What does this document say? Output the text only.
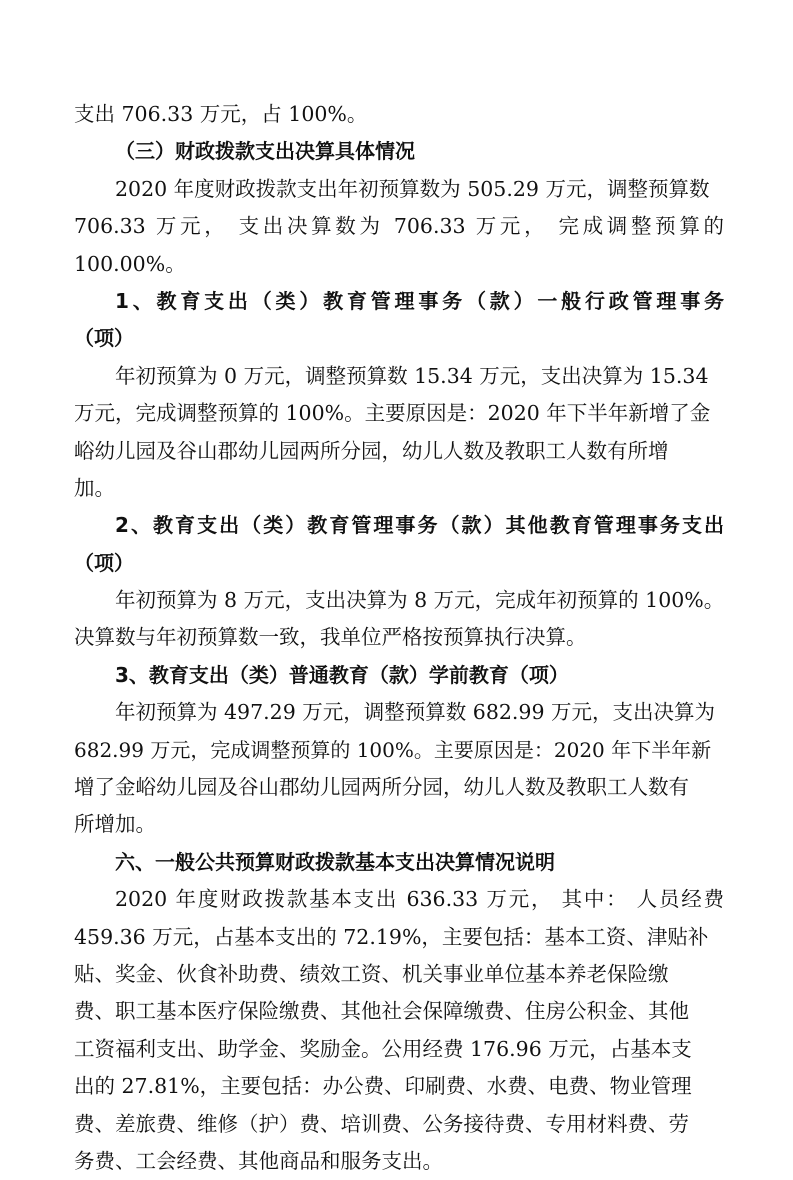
支出 706.33 万元，占 100%。
（三）财政拨款支出决算具体情况
2020 年度财政拨款支出年初预算数为 505.29 万元，调整预算数
706.33 万元， 支出决算数为 706.33 万元， 完成调整预算的
100.00%。
1、教育支出（类）教育管理事务（款）一般行政管理事务
（项）
年初预算为 0 万元，调整预算数 15.34 万元，支出决算为 15.34
万元，完成调整预算的 100%。主要原因是：2020 年下半年新增了金
峪幼儿园及谷山郡幼儿园两所分园，幼儿人数及教职工人数有所增
加。
2、教育支出（类）教育管理事务（款）其他教育管理事务支出
（项）
年初预算为 8 万元，支出决算为 8 万元，完成年初预算的 100%。
决算数与年初预算数一致，我单位严格按预算执行决算。
3、教育支出（类）普通教育（款）学前教育（项）
年初预算为 497.29 万元，调整预算数 682.99 万元，支出决算为
682.99 万元，完成调整预算的 100%。主要原因是：2020 年下半年新
增了金峪幼儿园及谷山郡幼儿园两所分园，幼儿人数及教职工人数有
所增加。
六、一般公共预算财政拨款基本支出决算情况说明
2020 年度财政拨款基本支出 636.33 万元， 其中： 人员经费
459.36 万元，占基本支出的 72.19%，主要包括：基本工资、津贴补
贴、奖金、伙食补助费、绩效工资、机关事业单位基本养老保险缴
费、职工基本医疗保险缴费、其他社会保障缴费、住房公积金、其他
工资福利支出、助学金、奖励金。公用经费 176.96 万元，占基本支
出的 27.81%，主要包括：办公费、印刷费、水费、电费、物业管理
费、差旅费、维修（护）费、培训费、公务接待费、专用材料费、劳
务费、工会经费、其他商品和服务支出。
